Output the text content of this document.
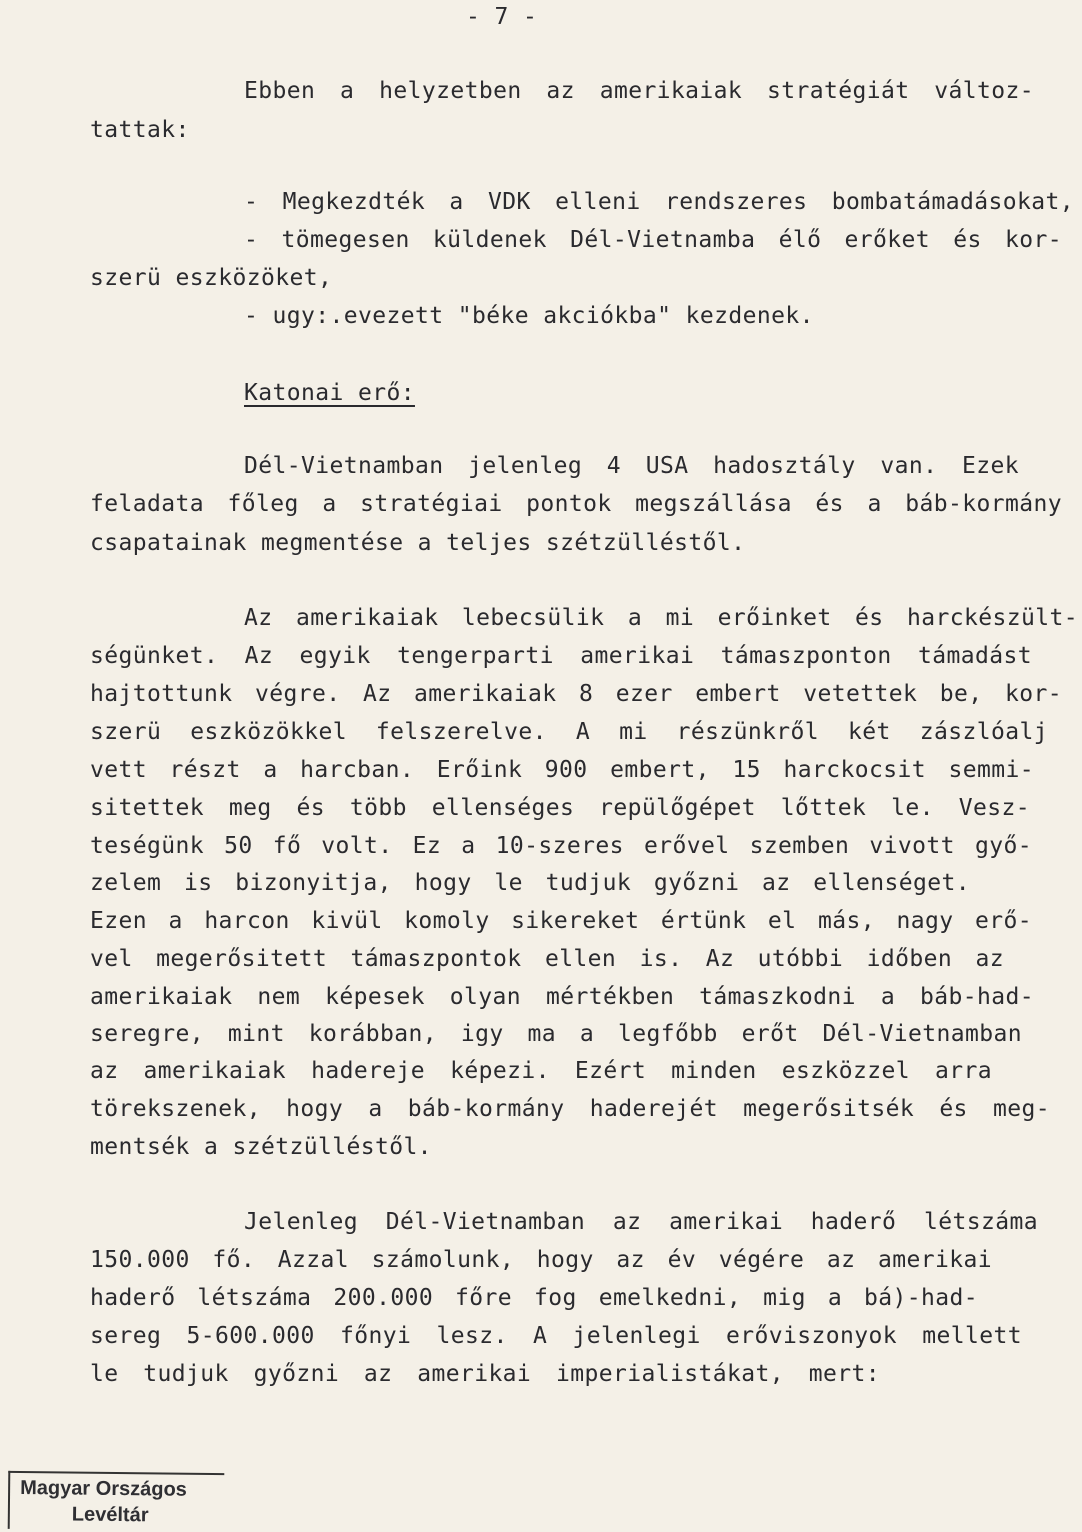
- 7 -
Ebben a helyzetben az amerikaiak stratégiát változ-
tattak:
- Megkezdték a VDK elleni rendszeres bombatámadásokat,
- tömegesen küldenek Dél-Vietnamba élő erőket és kor-
szerü eszközöket,
- ugy:.evezett "béke akciókba" kezdenek.
Katonai erő:
Dél-Vietnamban jelenleg 4 USA hadosztály van. Ezek
feladata főleg a stratégiai pontok megszállása és a báb-kormány
csapatainak megmentése a teljes szétzülléstől.
Az amerikaiak lebecsülik a mi erőinket és harckészült-
ségünket. Az egyik tengerparti amerikai támaszponton támadást
hajtottunk végre. Az amerikaiak 8 ezer embert vetettek be, kor-
szerü eszközökkel felszerelve. A mi részünkről két zászlóalj
vett részt a harcban. Erőink 900 embert, 15 harckocsit semmi-
sitettek meg és több ellenséges repülőgépet lőttek le. Vesz-
teségünk 50 fő volt. Ez a 10-szeres erővel szemben vivott győ-
zelem is bizonyitja, hogy le tudjuk győzni az ellenséget.
Ezen a harcon kivül komoly sikereket értünk el más, nagy erő-
vel megerősitett támaszpontok ellen is. Az utóbbi időben az
amerikaiak nem képesek olyan mértékben támaszkodni a báb-had-
seregre, mint korábban, igy ma a legfőbb erőt Dél-Vietnamban
az amerikaiak hadereje képezi. Ezért minden eszközzel arra
törekszenek, hogy a báb-kormány haderejét megerősitsék és meg-
mentsék a szétzülléstől.
Jelenleg Dél-Vietnamban az amerikai haderő létszáma
150.000 fő. Azzal számolunk, hogy az év végére az amerikai
haderő létszáma 200.000 főre fog emelkedni, mig a bá)-had-
sereg 5-600.000 főnyi lesz. A jelenlegi erőviszonyok mellett
le tudjuk győzni az amerikai imperialistákat, mert:
Magyar Országos
Levéltár
